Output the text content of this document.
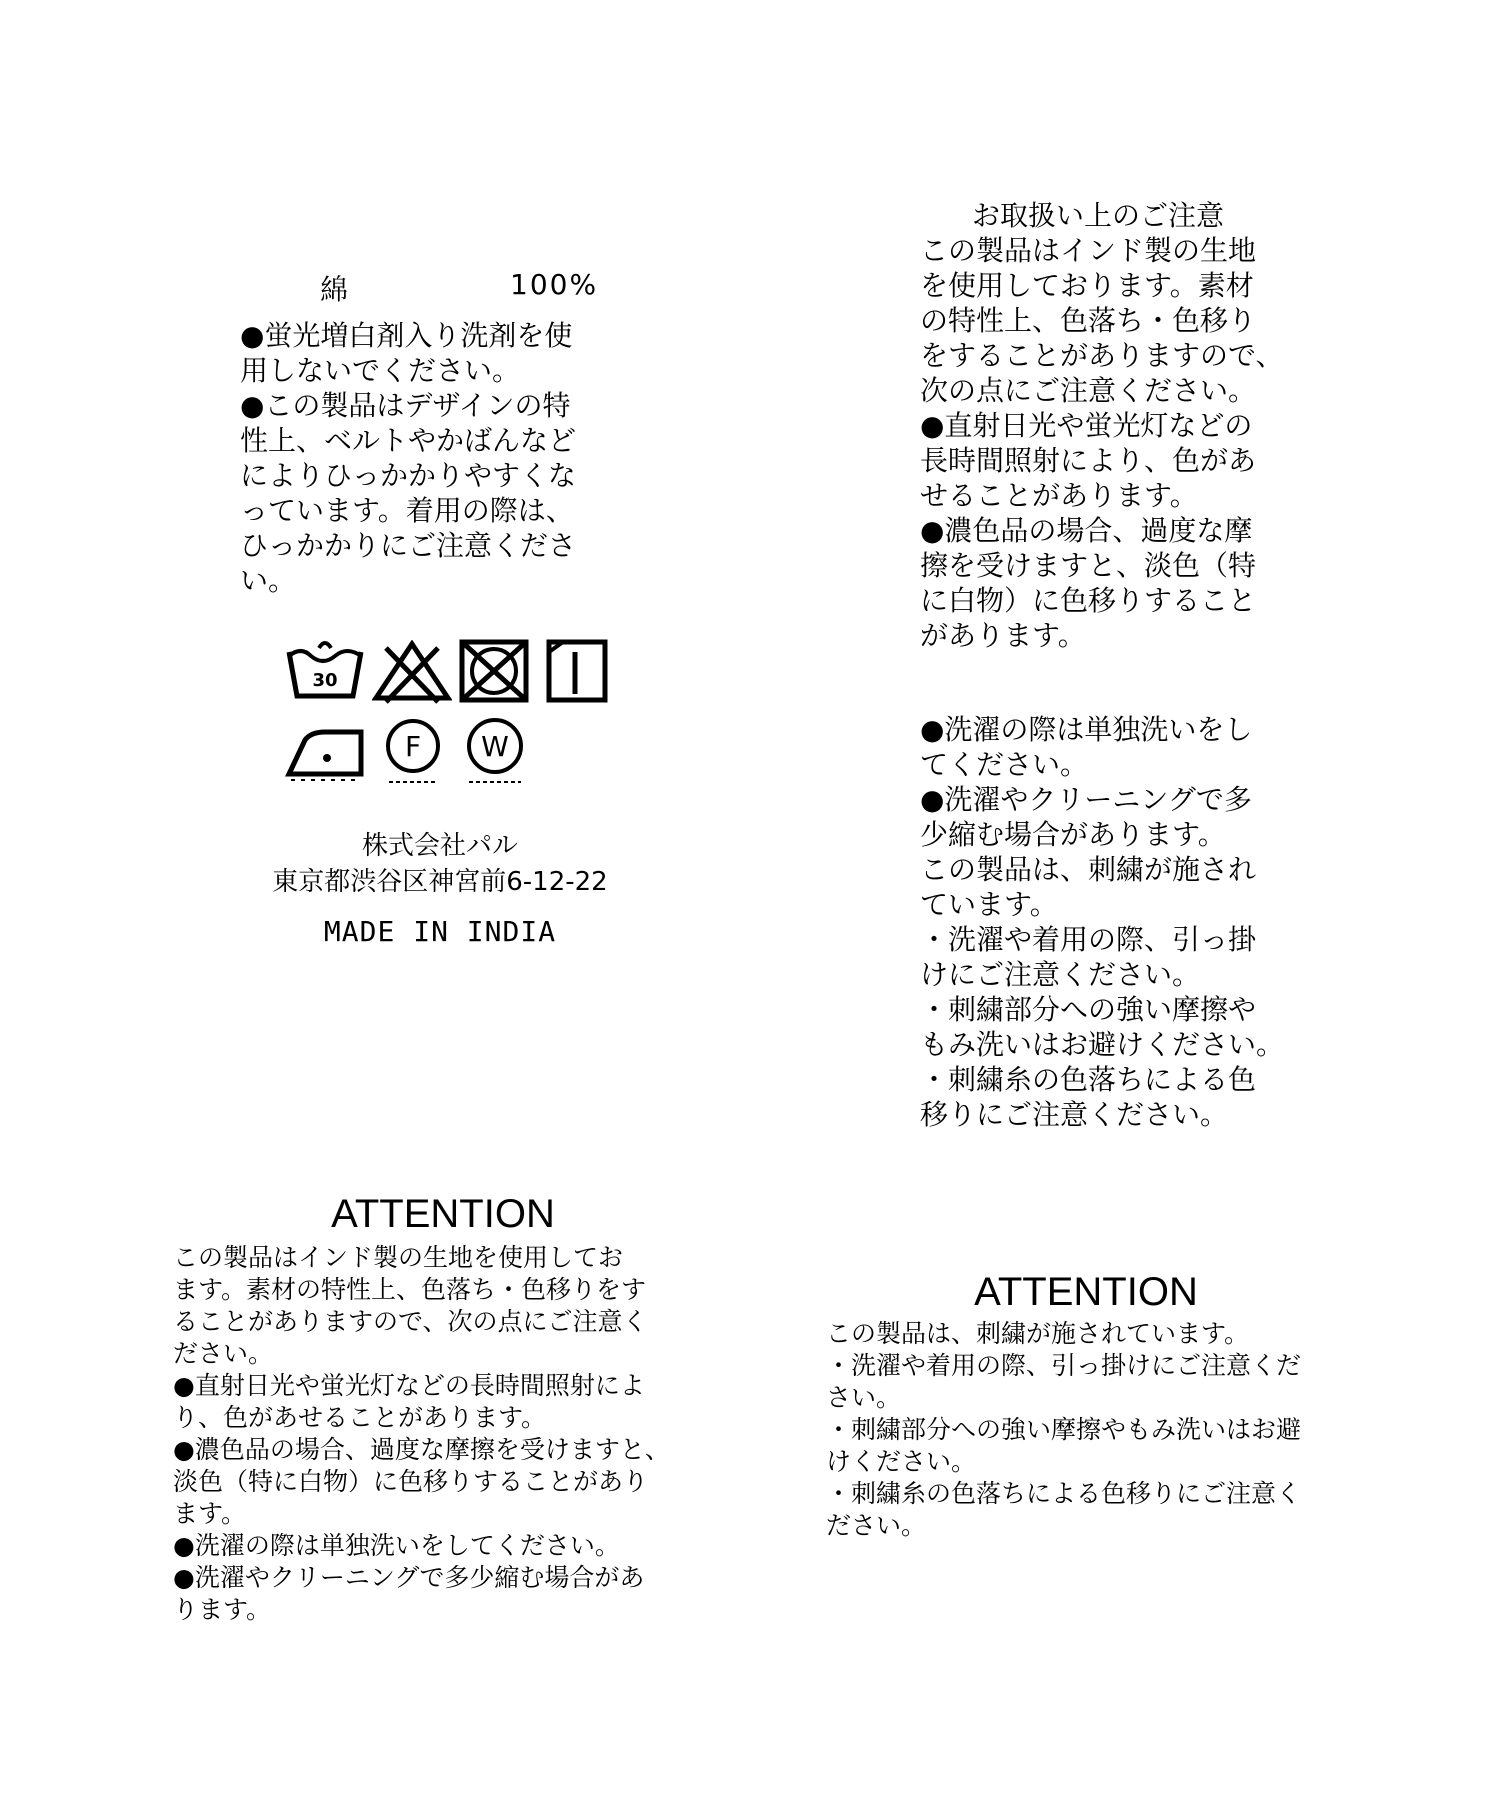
綿	100%
●蛍光増白剤入り洗剤を使
用しないでください。
●この製品はデザインの特
性上、ベルトやかばんなど
によりひっかかりやすくな
っています。着用の際は、
ひっかかりにご注意くださ
い。
30
F W
株式会社パル
東京都渋谷区神宮前6-12-22
MADE IN INDIA
お取扱い上のご注意
この製品はインド製の生地
を使用しております。素材
の特性上、色落ち・色移り
をすることがありますので、
次の点にご注意ください。
●直射日光や蛍光灯などの
長時間照射により、色があ
せることがあります。
●濃色品の場合、過度な摩
擦を受けますと、淡色（特
に白物）に色移りすること
があります。
●洗濯の際は単独洗いをし
てください。
●洗濯やクリーニングで多
少縮む場合があります。
この製品は、刺繍が施され
ています。
・洗濯や着用の際、引っ掛
けにご注意ください。
・刺繍部分への強い摩擦や
もみ洗いはお避けください。
・刺繍糸の色落ちによる色
移りにご注意ください。
ATTENTION
この製品はインド製の生地を使用してお
ます。素材の特性上、色落ち・色移りをす
ることがありますので、次の点にご注意く
ださい。
●直射日光や蛍光灯などの長時間照射によ
り、色があせることがあります。
●濃色品の場合、過度な摩擦を受けますと、
淡色（特に白物）に色移りすることがあり
ます。
●洗濯の際は単独洗いをしてください。
●洗濯やクリーニングで多少縮む場合があ
ります。
ATTENTION
この製品は、刺繍が施されています。
・洗濯や着用の際、引っ掛けにご注意くだ
さい。
・刺繍部分への強い摩擦やもみ洗いはお避
けください。
・刺繍糸の色落ちによる色移りにご注意く
ださい。
